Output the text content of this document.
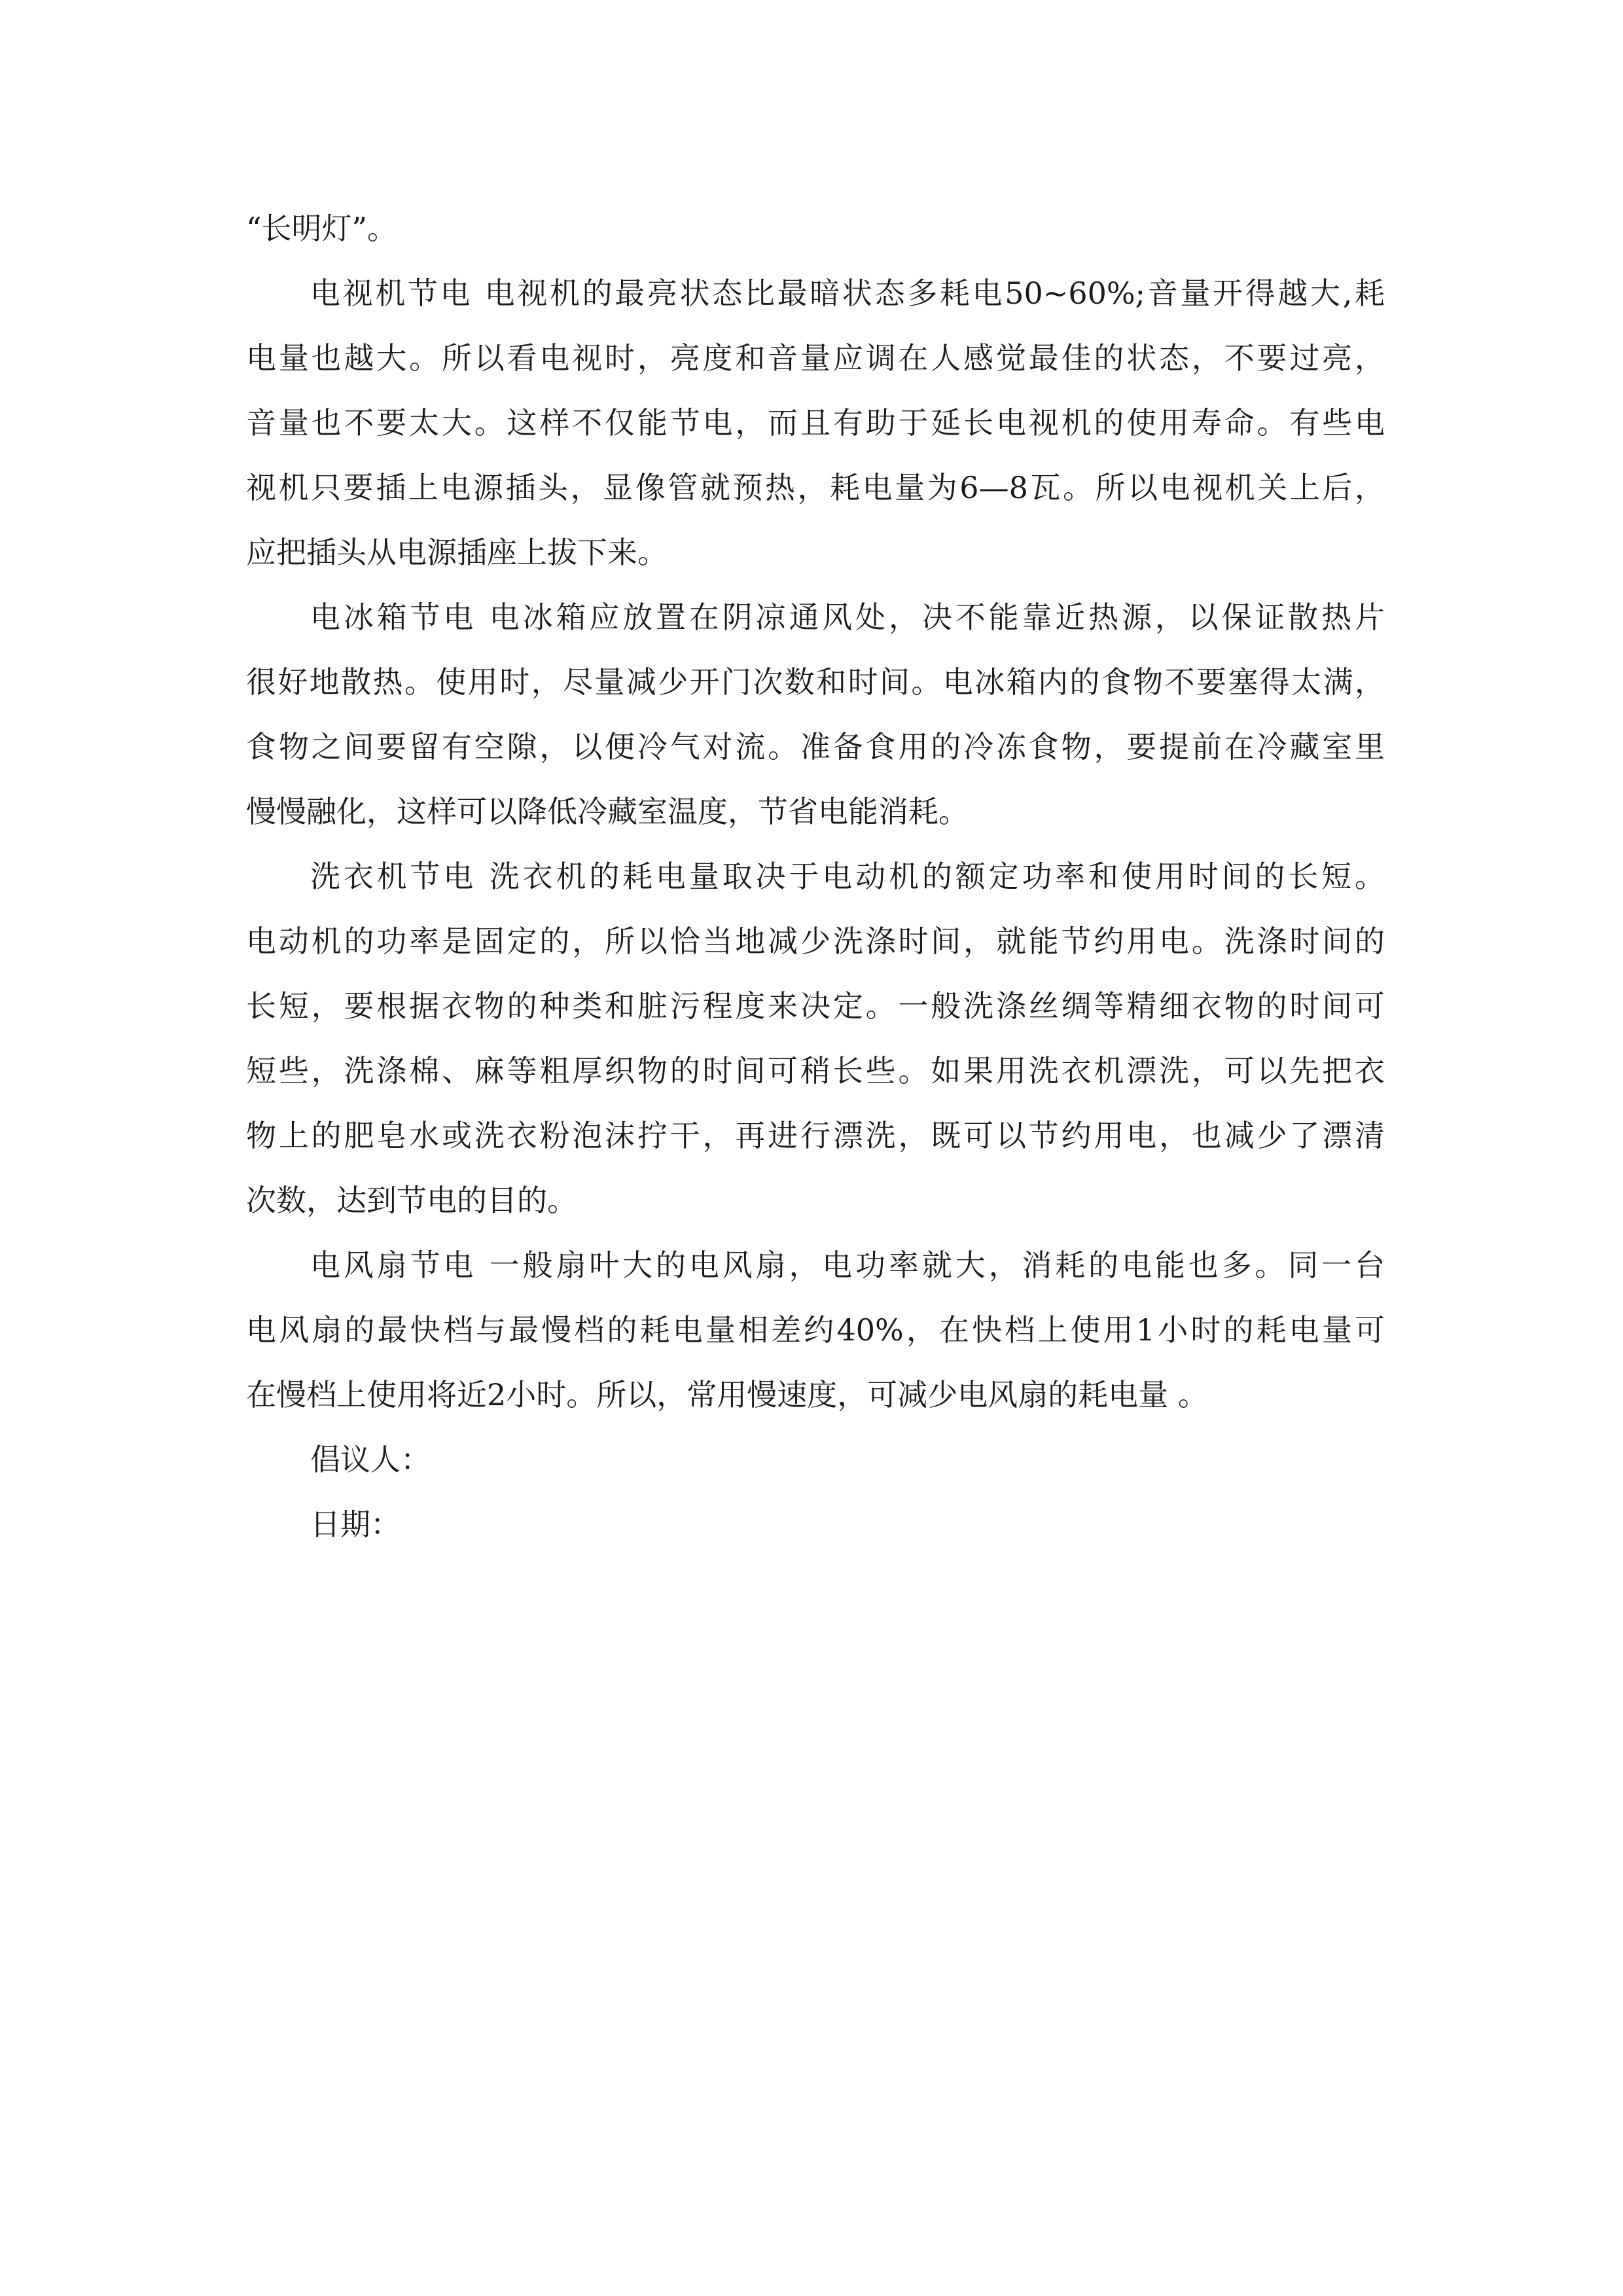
“长明灯”。
电视机节电 电视机的最亮状态比最暗状态多耗电50~60%;音量开得越大,耗
电量也越大。所以看电视时，亮度和音量应调在人感觉最佳的状态，不要过亮，
音量也不要太大。这样不仅能节电，而且有助于延长电视机的使用寿命。有些电
视机只要插上电源插头，显像管就预热，耗电量为6—8瓦。所以电视机关上后，
应把插头从电源插座上拔下来。
电冰箱节电 电冰箱应放置在阴凉通风处，决不能靠近热源，以保证散热片
很好地散热。使用时，尽量减少开门次数和时间。电冰箱内的食物不要塞得太满，
食物之间要留有空隙，以便冷气对流。准备食用的冷冻食物，要提前在冷藏室里
慢慢融化，这样可以降低冷藏室温度，节省电能消耗。
洗衣机节电 洗衣机的耗电量取决于电动机的额定功率和使用时间的长短。
电动机的功率是固定的，所以恰当地减少洗涤时间，就能节约用电。洗涤时间的
长短，要根据衣物的种类和脏污程度来决定。一般洗涤丝绸等精细衣物的时间可
短些，洗涤棉、麻等粗厚织物的时间可稍长些。如果用洗衣机漂洗，可以先把衣
物上的肥皂水或洗衣粉泡沫拧干，再进行漂洗，既可以节约用电，也减少了漂清
次数，达到节电的目的。
电风扇节电 一般扇叶大的电风扇，电功率就大，消耗的电能也多。同一台
电风扇的最快档与最慢档的耗电量相差约40%，在快档上使用1小时的耗电量可
在慢档上使用将近2小时。所以，常用慢速度，可减少电风扇的耗电量 。
倡议人：
日期：
